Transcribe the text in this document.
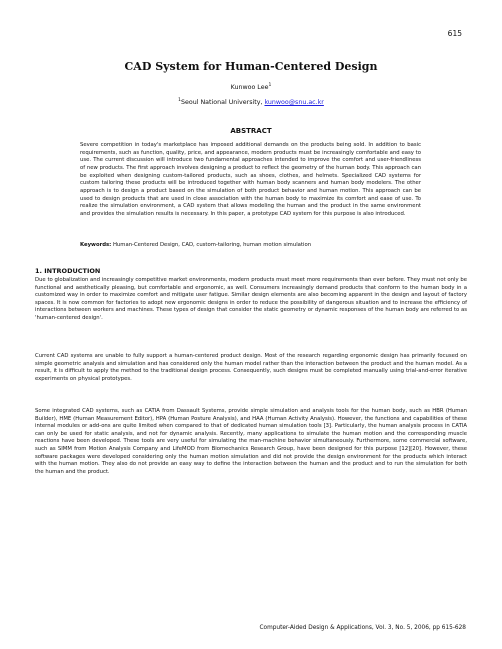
615
CAD System for Human-Centered Design
Kunwoo Lee$^1$
$^1$Seoul National University, kunwoo@snu.ac.kr
ABSTRACT
Severe competition in today's marketplace has imposed additional demands on the products being sold. In addition to basic requirements, such as function, quality, price, and appearance, modern products must be increasingly comfortable and easy to use. The current discussion will introduce two fundamental approaches intended to improve the comfort and user-friendliness of new products. The first approach involves designing a product to reflect the geometry of the human body. This approach can be exploited when designing custom-tailored products, such as shoes, clothes, and helmets. Specialized CAD systems for custom tailoring these products will be introduced together with human body scanners and human body modelers. The other approach is to design a product based on the simulation of both product behavior and human motion. This approach can be used to design products that are used in close association with the human body to maximize its comfort and ease of use. To realize the simulation environment, a CAD system that allows modeling the human and the product in the same environment and provides the simulation results is necessary. In this paper, a prototype CAD system for this purpose is also introduced.
Keywords: Human-Centered Design, CAD, custom-tailoring, human motion simulation
1. INTRODUCTION

Due to globalization and increasingly competitive market environments, modern products must meet more requirements than ever before. They must not only be functional and aesthetically pleasing, but comfortable and ergonomic, as well. Consumers increasingly demand products that conform to the human body in a customized way in order to maximize comfort and mitigate user fatigue. Similar design elements are also becoming apparent in the design and layout of factory spaces. It is now common for factories to adopt new ergonomic designs in order to reduce the possibility of dangerous situation and to increase the efficiency of interactions between workers and machines. These types of design that consider the static geometry or dynamic responses of the human body are referred to as 'human-centered design'.

Current CAD systems are unable to fully support a human-centered product design. Most of the research regarding ergonomic design has primarily focused on simple geometric analysis and simulation and has considered only the human model rather than the interaction between the product and the human model. As a result, it is difficult to apply the method to the traditional design process. Consequently, such designs must be completed manually using trial-and-error iterative experiments on physical prototypes.

Some integrated CAD systems, such as CATIA from Dassault Systems, provide simple simulation and analysis tools for the human body, such as HBR (Human Builder), HME (Human Measurement Editor), HPA (Human Posture Analysis), and HAA (Human Activity Analysis). However, the functions and capabilities of these internal modules or add-ons are quite limited when compared to that of dedicated human simulation tools [3]. Particularly, the human analysis process in CATIA can only be used for static analysis, and not for dynamic analysis. Recently, many applications to simulate the human motion and the corresponding muscle reactions have been developed. These tools are very useful for simulating the man-machine behavior simultaneously. Furthermore, some commercial software, such as SIMM from Motion Analysis Company and LifeMOD from Biomechanics Research Group, have been designed for this purpose [12][20]. However, these software packages were developed considering only the human motion simulation and did not provide the design environment for the products which interact with the human motion. They also do not provide an easy way to define the interaction between the human and the product and to run the simulation for both the human and the product.

Computer-Aided Design & Applications, Vol. 3, No. 5, 2006, pp 615-628
